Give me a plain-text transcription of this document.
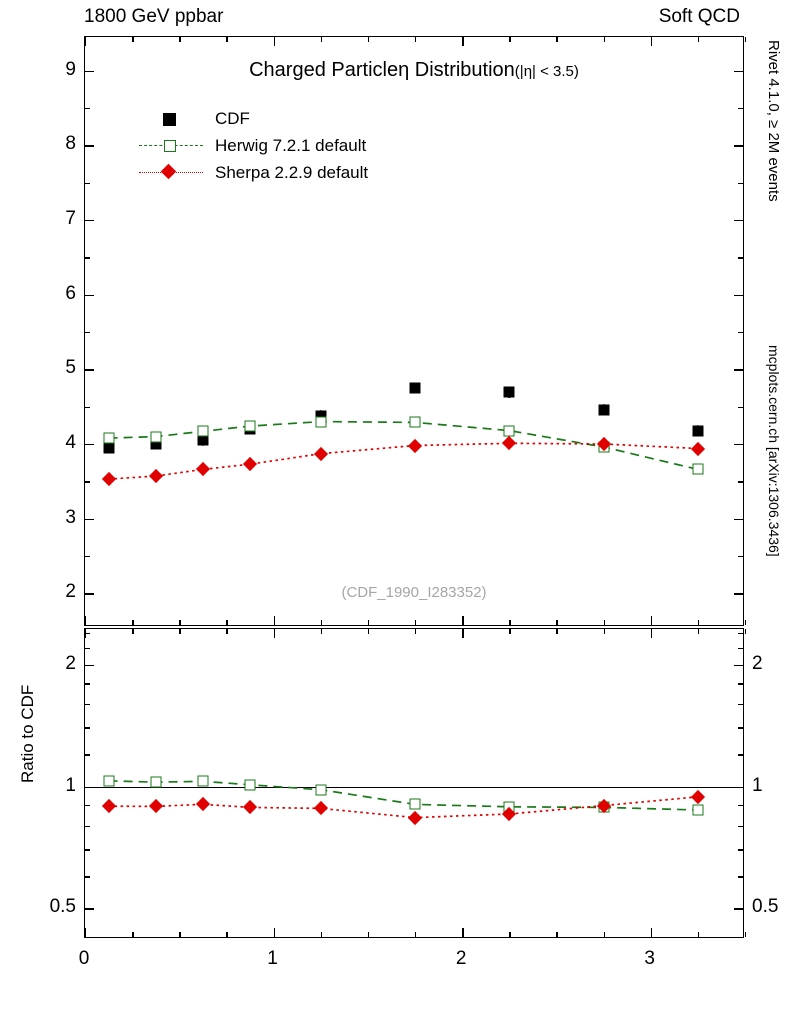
1800 GeV ppbar	Soft QCD
Rivet 4.1.0, ≥ 2M events
mcplots.cern.ch [arXiv:1306.3436]
Charged Particleη Distribution(|η| < 3.5)
CDF
Herwig 7.2.1 default
Sherpa 2.2.9 default
(CDF_1990_I283352)
2
3
4
5
6
7
8
9
0.5	0.5
1	1
2	2
0	1	2	3
Ratio to CDF
